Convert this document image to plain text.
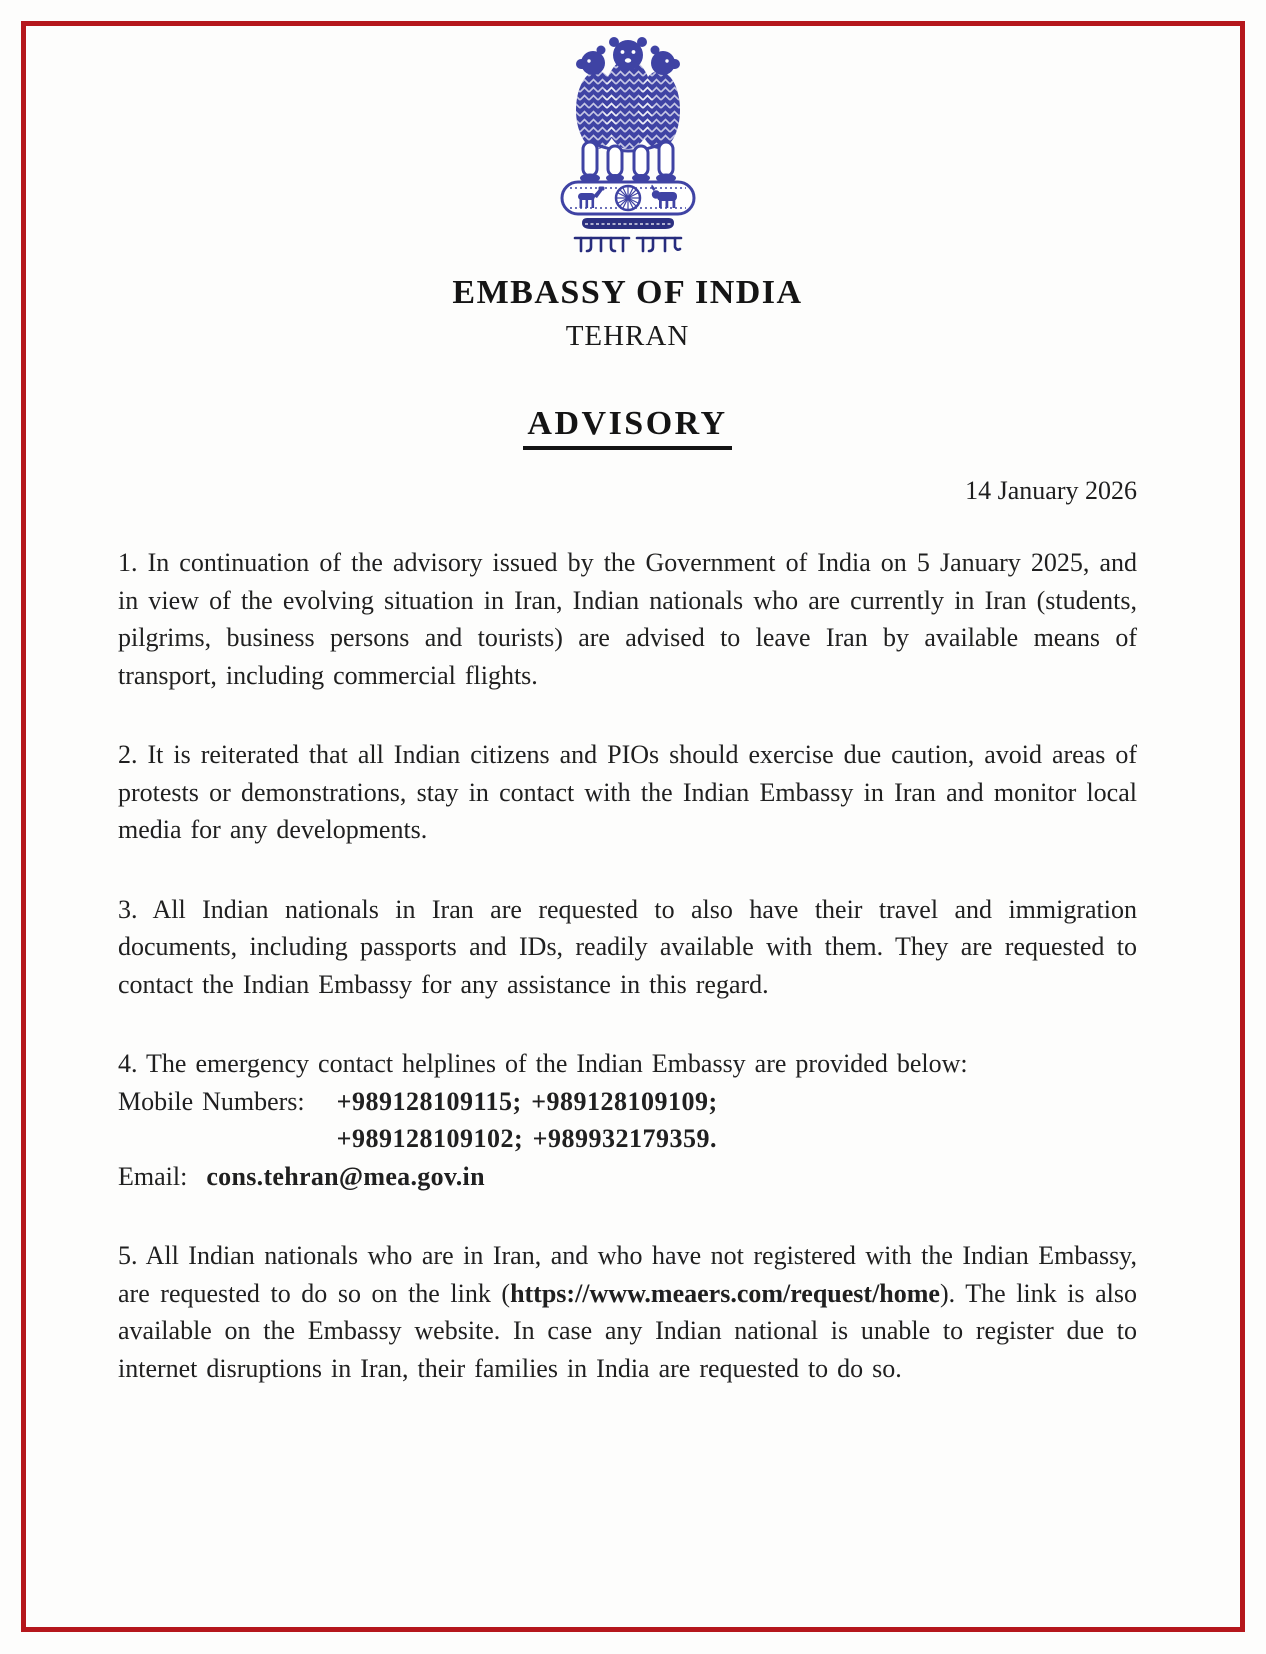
EMBASSY OF INDIA
TEHRAN
ADVISORY
14 January 2026

1. In continuation of the advisory issued by the Government of India on 5 January 2025, and in view of the evolving situation in Iran, Indian nationals who are currently in Iran (students, pilgrims, business persons and tourists) are advised to leave Iran by available means of transport, including commercial flights.

2. It is reiterated that all Indian citizens and PIOs should exercise due caution, avoid areas of protests or demonstrations, stay in contact with the Indian Embassy in Iran and monitor local media for any developments.

3. All Indian nationals in Iran are requested to also have their travel and immigration documents, including passports and IDs, readily available with them. They are requested to contact the Indian Embassy for any assistance in this regard.

4. The emergency contact helplines of the Indian Embassy are provided below:
Mobile Numbers:	+989128109115; +989128109109;
+989128109102; +989932179359.
Email: cons.tehran@mea.gov.in

5. All Indian nationals who are in Iran, and who have not registered with the Indian Embassy, are requested to do so on the link (https://www.meaers.com/request/home). The link is also available on the Embassy website. In case any Indian national is unable to register due to internet disruptions in Iran, their families in India are requested to do so.
